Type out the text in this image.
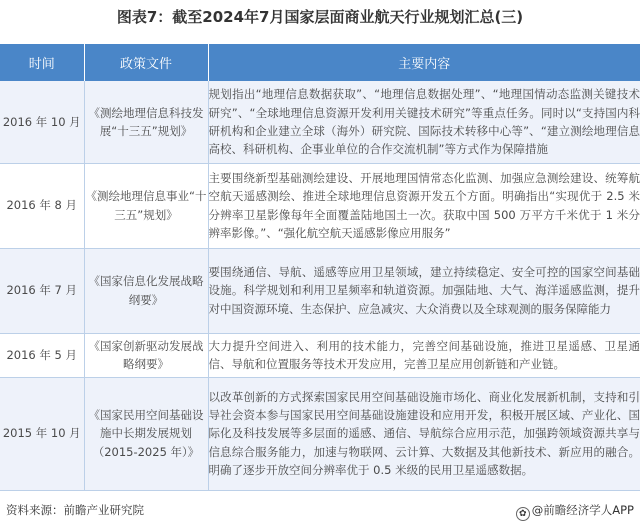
图表7：截至2024年7月国家层面商业航天行业规划汇总(三)
时间	政策文件	主要内容
2016 年 10 月	《测绘地理信息科技发展“十三五”规划》	规划指出“地理信息数据获取”、“地理信息数据处理”、“地理国情动态监测关键技术研究”、“全球地理信息资源开发利用关键技术研究”等重点任务。同时以“支持国内科研机构和企业建立全球（海外）研究院、国际技术转移中心等”、“建立测绘地理信息高校、科研机构、企事业单位的合作交流机制”等方式作为保障措施
2016 年 8 月	《测绘地理信息事业“十三五”规划》	主要围绕新型基础测绘建设、开展地理国情常态化监测、加强应急测绘建设、统筹航空航天遥感测绘、推进全球地理信息资源开发五个方面。明确指出“实现优于 2.5 米分辨率卫星影像每年全面覆盖陆地国土一次。获取中国 500 万平方千米优于 1 米分辨率影像。”、“强化航空航天遥感影像应用服务”
2016 年 7 月	《国家信息化发展战略纲要》	要围绕通信、导航、遥感等应用卫星领域，建立持续稳定、安全可控的国家空间基础设施。科学规划和利用卫星频率和轨道资源。加强陆地、大气、海洋遥感监测，提升对中国资源环境、生态保护、应急减灾、大众消费以及全球观测的服务保障能力
2016 年 5 月	《国家创新驱动发展战略纲要》	大力提升空间进入、利用的技术能力，完善空间基础设施，推进卫星遥感、卫星通信、导航和位置服务等技术开发应用，完善卫星应用创新链和产业链。
2015 年 10 月	《国家民用空间基础设施中长期发展规划（2015-2025 年）》	以改革创新的方式探索国家民用空间基础设施市场化、商业化发展新机制，支持和引导社会资本参与国家民用空间基础设施建设和应用开发，积极开展区域、产业化、国际化及科技发展等多层面的遥感、通信、导航综合应用示范，加强跨领域资源共享与信息综合服务能力，加速与物联网、云计算、大数据及其他新技术、新应用的融合。明确了逐步开放空间分辨率优于 0.5 米级的民用卫星遥感数据。
资料来源：前瞻产业研究院	✿ @前瞻经济学人APP
